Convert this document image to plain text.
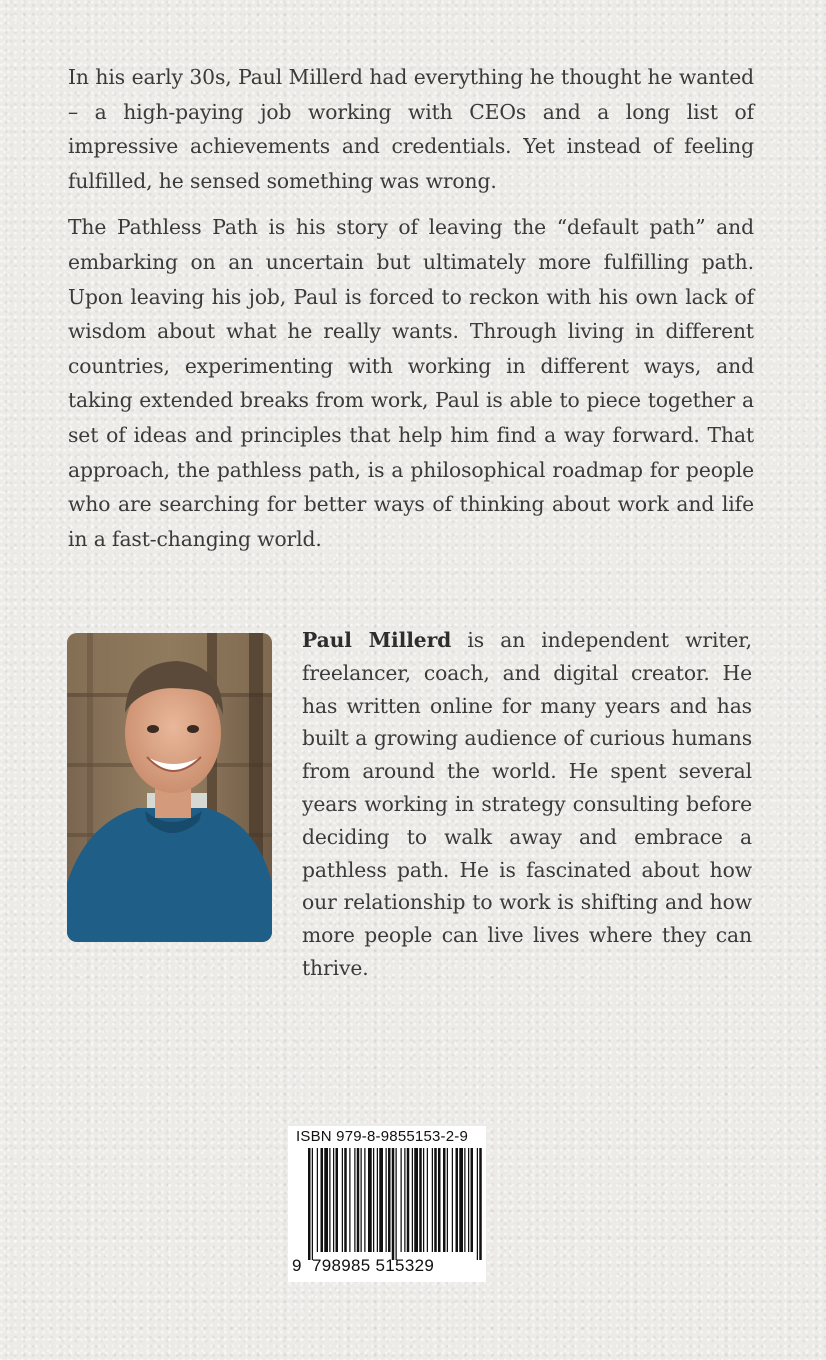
In his early 30s, Paul Millerd had everything he thought he wanted – a high-paying job working with CEOs and a long list of impressive achievements and credentials. Yet instead of feeling fulfilled, he sensed something was wrong.

The Pathless Path is his story of leaving the “default path” and embarking on an uncertain but ultimately more fulfilling path. Upon leaving his job, Paul is forced to reckon with his own lack of wisdom about what he really wants. Through living in different countries, experimenting with working in different ways, and taking extended breaks from work, Paul is able to piece together a set of ideas and principles that help him find a way forward. That approach, the pathless path, is a philosophical roadmap for people who are searching for better ways of thinking about work and life in a fast-changing world.

Paul Millerd is an independent writer, freelancer, coach, and digital creator. He has written online for many years and has built a growing audience of curious humans from around the world. He spent several years working in strategy consulting before deciding to walk away and embrace a pathless path. He is fascinated about how our relationship to work is shifting and how more people can live lives where they can thrive.

ISBN 979-8-9855153-2-9
9 798985 515329
